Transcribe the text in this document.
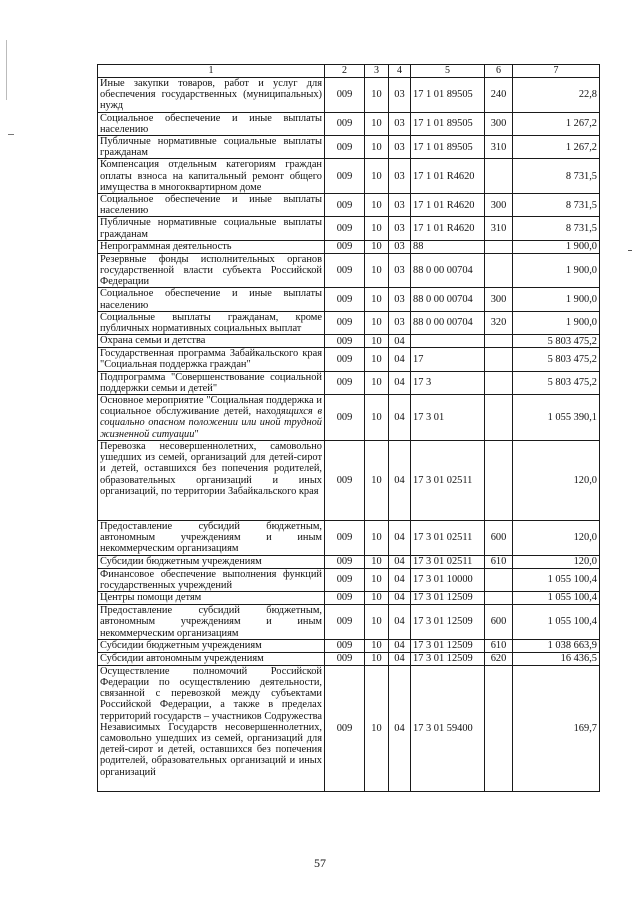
1	2	3	4	5	6	7
Иные закупки товаров, работ и услуг для обеспечения государственных (муниципальных) нужд	009	10	03	17 1 01 89505	240	22,8
Социальное обеспечение и иные выплаты населению	009	10	03	17 1 01 89505	300	1 267,2
Публичные нормативные социальные выплаты гражданам	009	10	03	17 1 01 89505	310	1 267,2
Компенсация отдельным категориям граждан оплаты взноса на капитальный ремонт общего имущества в многоквартирном доме	009	10	03	17 1 01 R4620		8 731,5
Социальное обеспечение и иные выплаты населению	009	10	03	17 1 01 R4620	300	8 731,5
Публичные нормативные социальные выплаты гражданам	009	10	03	17 1 01 R4620	310	8 731,5
Непрограммная деятельность	009	10	03	88		1 900,0
Резервные фонды исполнительных органов государственной власти субъекта Российской Федерации	009	10	03	88 0 00 00704		1 900,0
Социальное обеспечение и иные выплаты населению	009	10	03	88 0 00 00704	300	1 900,0
Социальные выплаты гражданам, кроме публичных нормативных социальных выплат	009	10	03	88 0 00 00704	320	1 900,0
Охрана семьи и детства	009	10	04			5 803 475,2
Государственная программа Забайкальского края "Социальная поддержка граждан"	009	10	04	17		5 803 475,2
Подпрограмма "Совершенствование социальной поддержки семьи и детей"	009	10	04	17 3		5 803 475,2
Основное мероприятие "Социальная поддержка и социальное обслуживание детей, находящихся в социально опасном положении или иной трудной жизненной ситуации"	009	10	04	17 3 01		1 055 390,1
Перевозка несовершеннолетних, самовольно ушедших из семей, организаций для детей-сирот и детей, оставшихся без попечения родителей, образовательных организаций и иных организаций, по территории Забайкальского края	009	10	04	17 3 01 02511		120,0
Предоставление субсидий бюджетным, автономным учреждениям и иным некоммерческим организациям	009	10	04	17 3 01 02511	600	120,0
Субсидии бюджетным учреждениям	009	10	04	17 3 01 02511	610	120,0
Финансовое обеспечение выполнения функций государственных учреждений	009	10	04	17 3 01 10000		1 055 100,4
Центры помощи детям	009	10	04	17 3 01 12509		1 055 100,4
Предоставление субсидий бюджетным, автономным учреждениям и иным некоммерческим организациям	009	10	04	17 3 01 12509	600	1 055 100,4
Субсидии бюджетным учреждениям	009	10	04	17 3 01 12509	610	1 038 663,9
Субсидии автономным учреждениям	009	10	04	17 3 01 12509	620	16 436,5
Осуществление полномочий Российской Федерации по осуществлению деятельности, связанной с перевозкой между субъектами Российской Федерации, а также в пределах территорий государств – участников Содружества Независимых Государств несовершеннолетних, самовольно ушедших из семей, организаций для детей-сирот и детей, оставшихся без попечения родителей, образовательных организаций и иных организаций	009	10	04	17 3 01 59400		169,7
57
